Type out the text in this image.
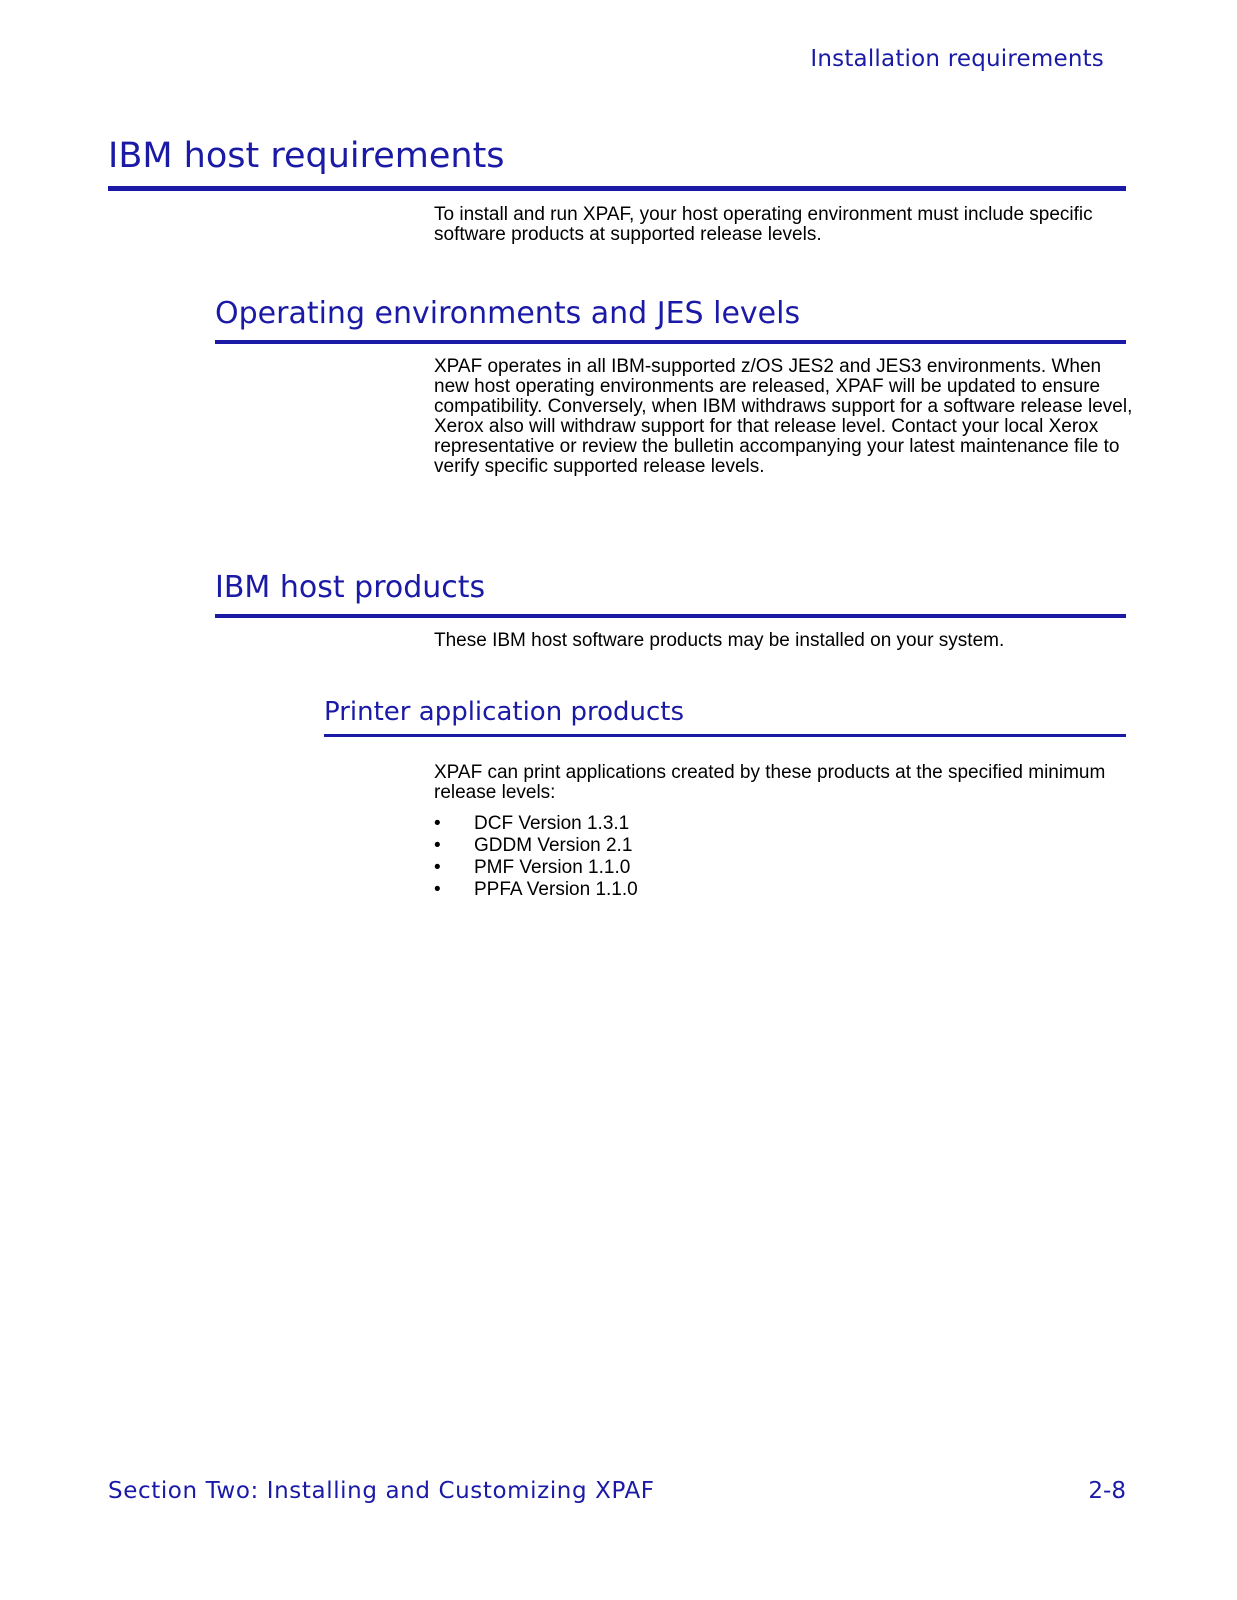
Installation requirements
IBM host requirements

To install and run XPAF, your host operating environment must include specific software products at supported release levels.

Operating environments and JES levels

XPAF operates in all IBM-supported z/OS JES2 and JES3 environments. When new host operating environments are released, XPAF will be updated to ensure compatibility. Conversely, when IBM withdraws support for a software release level, Xerox also will withdraw support for that release level. Contact your local Xerox representative or review the bulletin accompanying your latest maintenance file to verify specific supported release levels.

IBM host products

These IBM host software products may be installed on your system.

Printer application products

XPAF can print applications created by these products at the specified minimum release levels:

•	DCF Version 1.3.1
•	GDDM Version 2.1
•	PMF Version 1.1.0
•	PPFA Version 1.1.0
Section Two: Installing and Customizing XPAF	2-8
